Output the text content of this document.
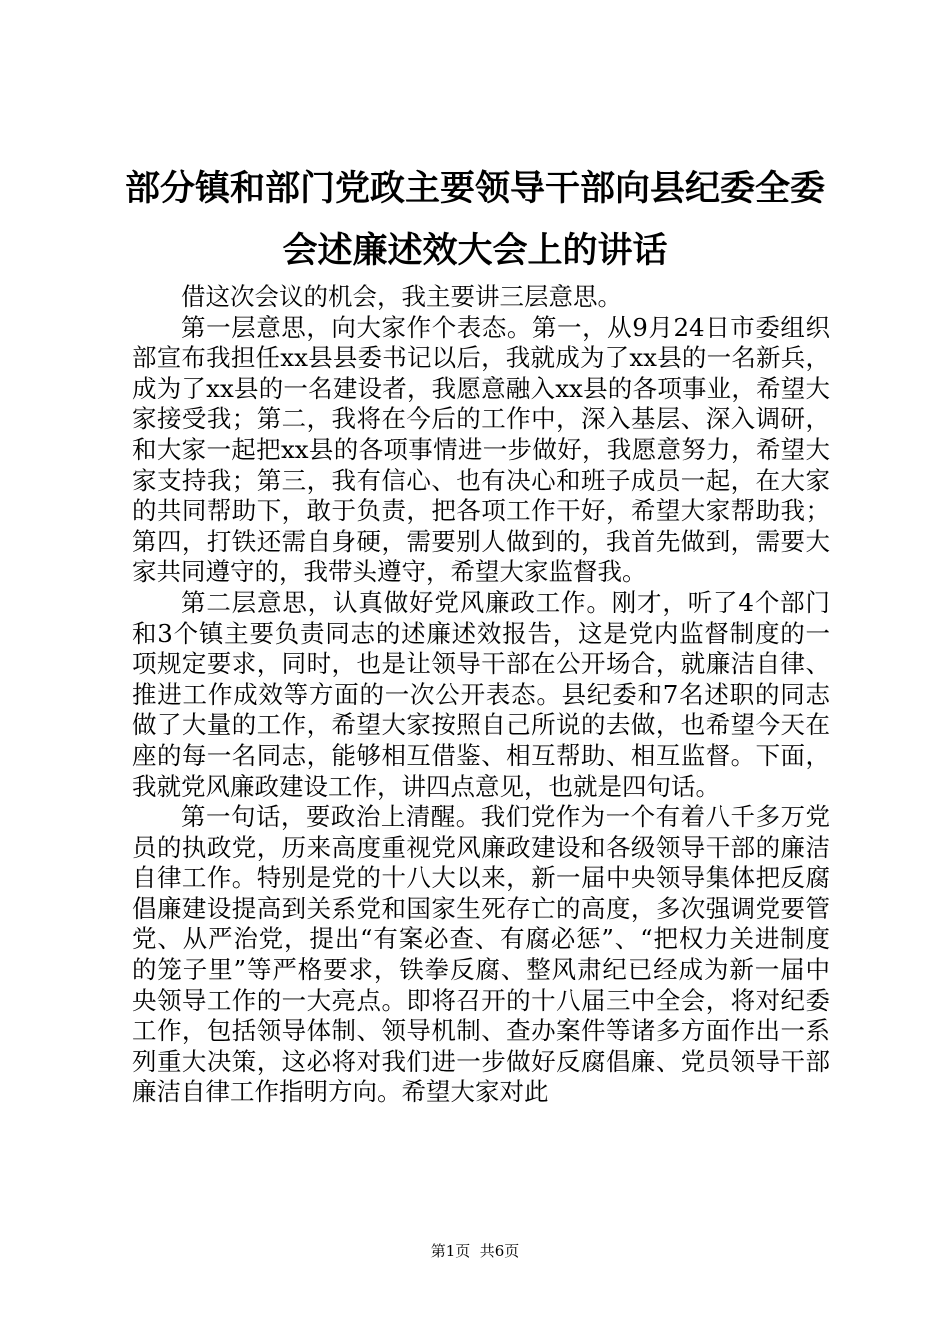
部分镇和部门党政主要领导干部向县纪委全委会述廉述效大会上的讲话

借这次会议的机会，我主要讲三层意思。

第一层意思，向大家作个表态。第一，从9月24日市委组织部宣布我担任xx县县委书记以后，我就成为了xx县的一名新兵，成为了xx县的一名建设者，我愿意融入xx县的各项事业，希望大家接受我；第二，我将在今后的工作中，深入基层、深入调研，和大家一起把xx县的各项事情进一步做好，我愿意努力，希望大家支持我；第三，我有信心、也有决心和班子成员一起，在大家的共同帮助下，敢于负责，把各项工作干好，希望大家帮助我；第四，打铁还需自身硬，需要别人做到的，我首先做到，需要大家共同遵守的，我带头遵守，希望大家监督我。

第二层意思，认真做好党风廉政工作。刚才，听了4个部门和3个镇主要负责同志的述廉述效报告，这是党内监督制度的一项规定要求，同时，也是让领导干部在公开场合，就廉洁自律、推进工作成效等方面的一次公开表态。县纪委和7名述职的同志做了大量的工作，希望大家按照自己所说的去做，也希望今天在座的每一名同志，能够相互借鉴、相互帮助、相互监督。下面，我就党风廉政建设工作，讲四点意见，也就是四句话。

第一句话，要政治上清醒。我们党作为一个有着八千多万党员的执政党，历来高度重视党风廉政建设和各级领导干部的廉洁自律工作。特别是党的十八大以来，新一届中央领导集体把反腐倡廉建设提高到关系党和国家生死存亡的高度，多次强调党要管党、从严治党，提出“有案必查、有腐必惩”、“把权力关进制度的笼子里”等严格要求，铁拳反腐、整风肃纪已经成为新一届中央领导工作的一大亮点。即将召开的十八届三中全会，将对纪委工作，包括领导体制、领导机制、查办案件等诸多方面作出一系列重大决策，这必将对我们进一步做好反腐倡廉、党员领导干部廉洁自律工作指明方向。希望大家对此

第1页  共6页
